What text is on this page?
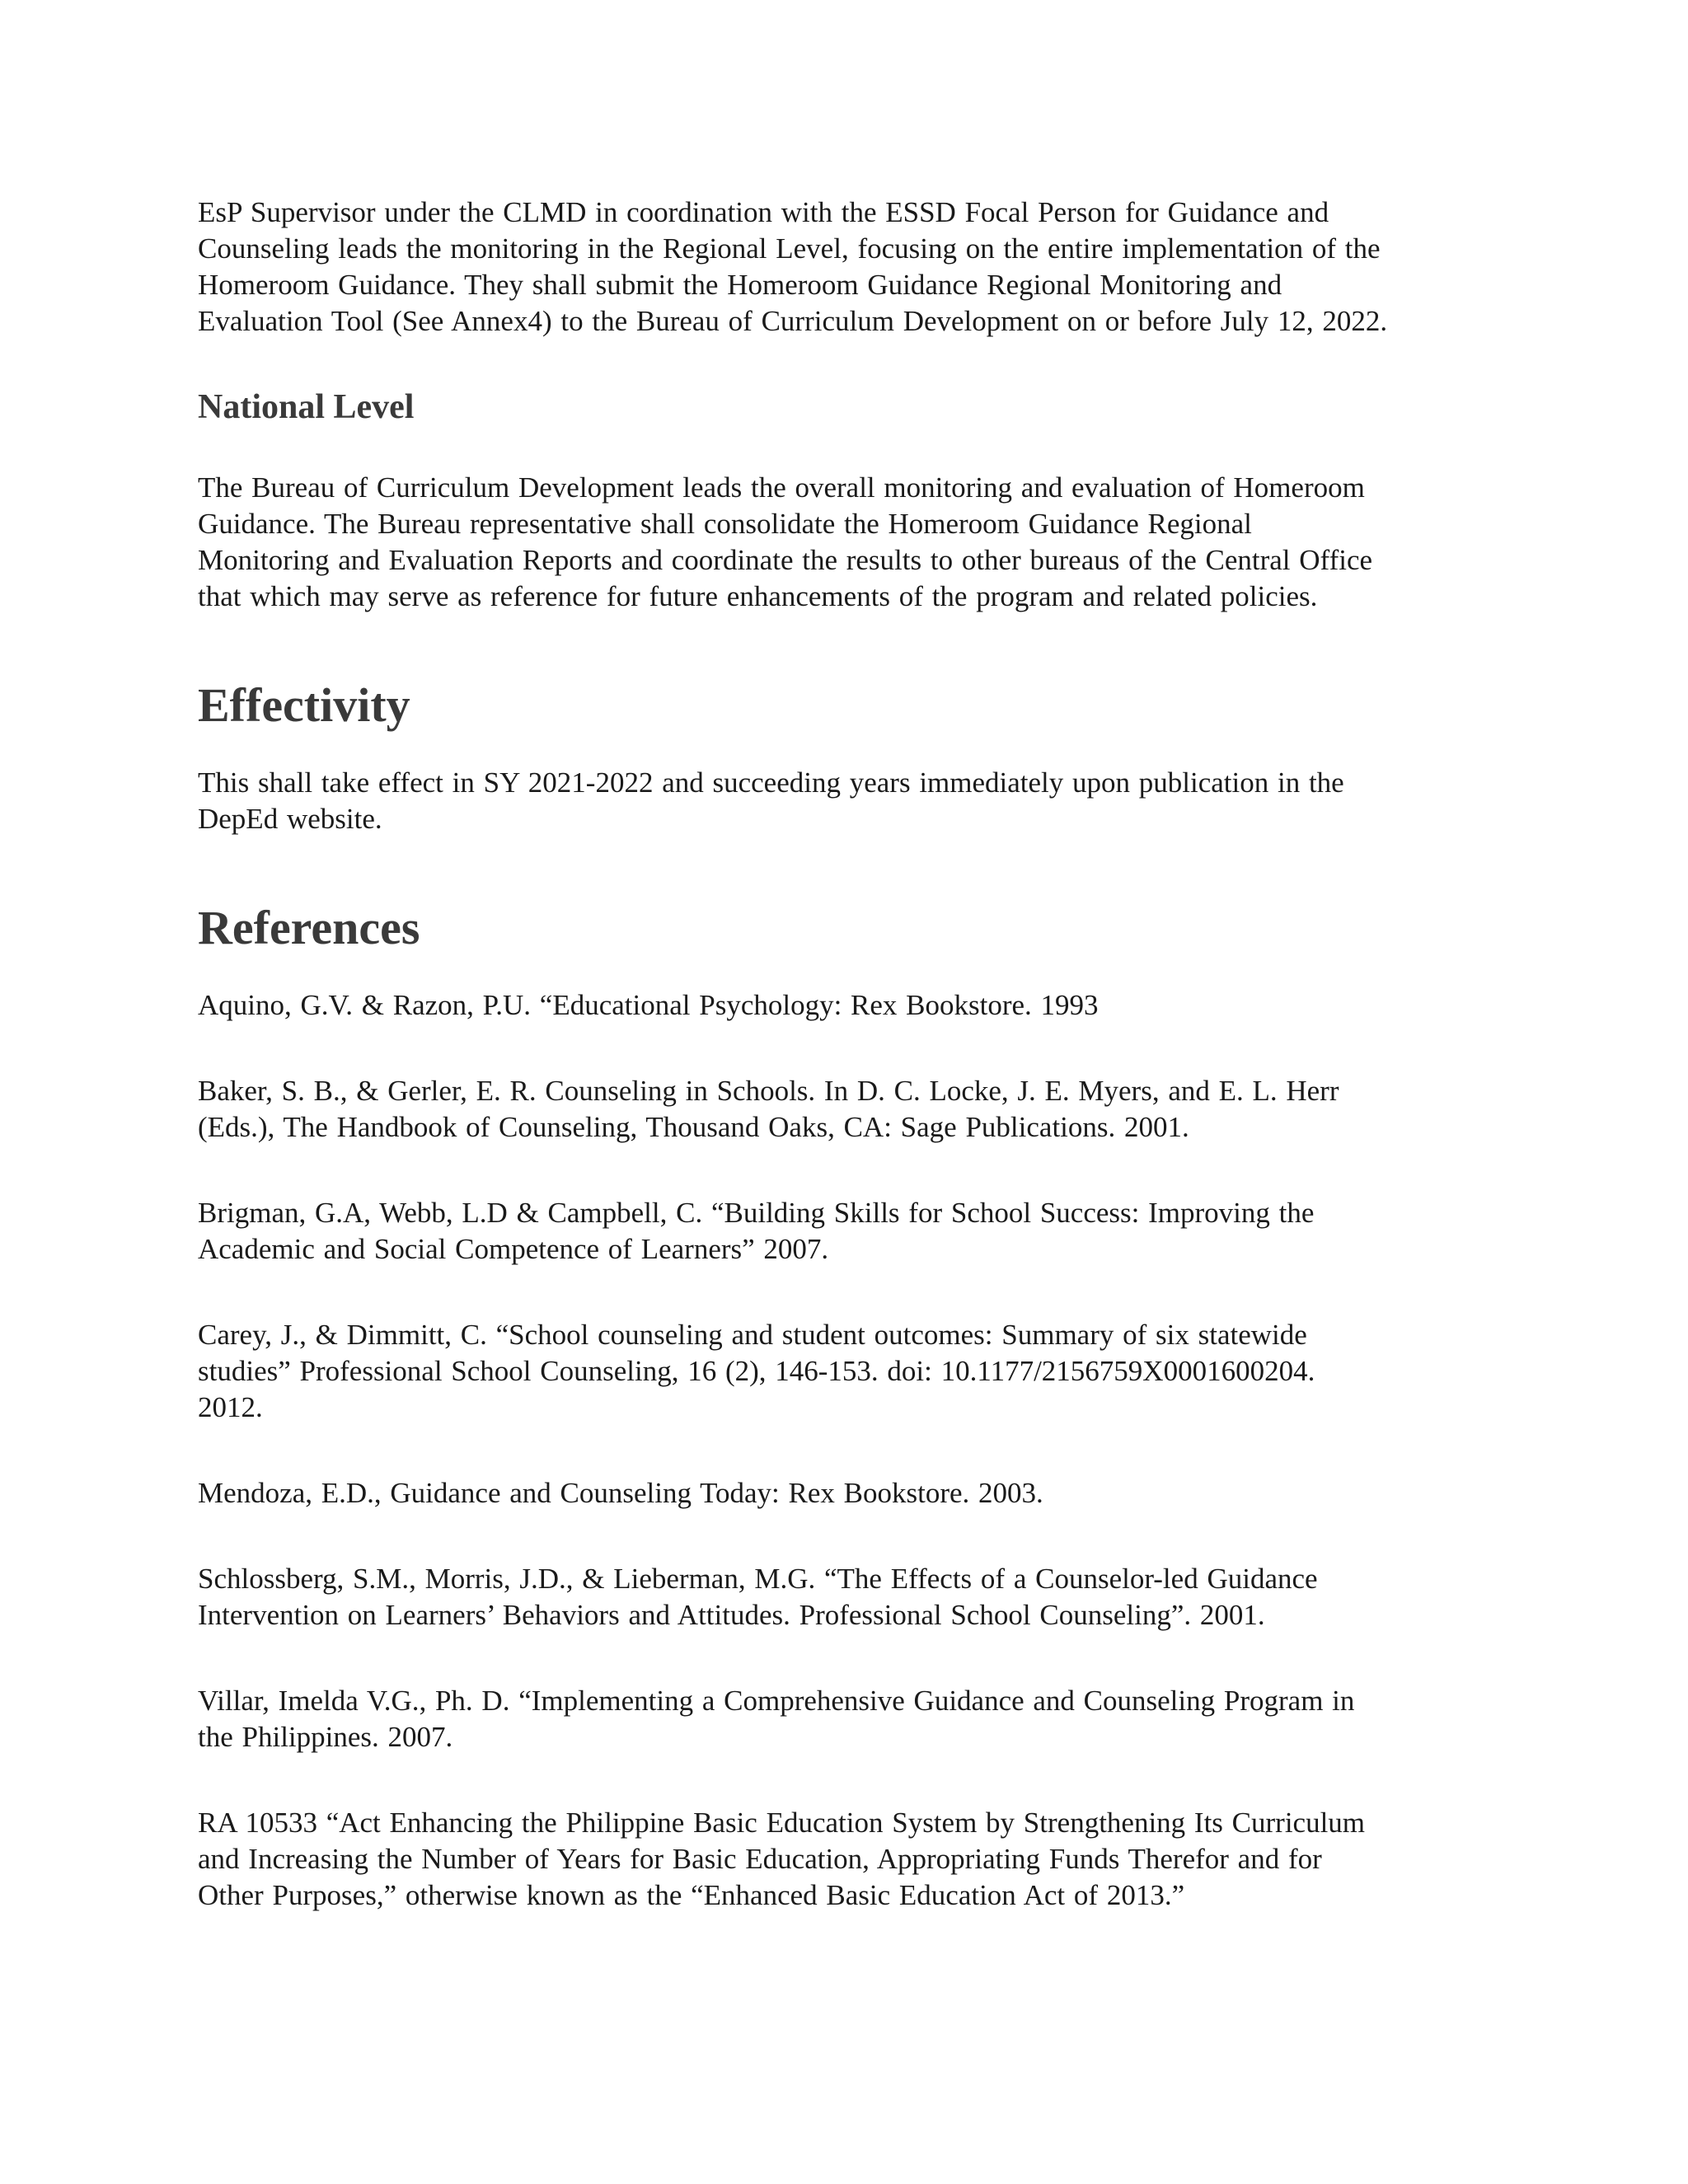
EsP Supervisor under the CLMD in coordination with the ESSD Focal Person for Guidance and
Counseling leads the monitoring in the Regional Level, focusing on the entire implementation of the
Homeroom Guidance. They shall submit the Homeroom Guidance Regional Monitoring and
Evaluation Tool (See Annex4) to the Bureau of Curriculum Development on or before July 12, 2022.

National Level

The Bureau of Curriculum Development leads the overall monitoring and evaluation of Homeroom
Guidance. The Bureau representative shall consolidate the Homeroom Guidance Regional
Monitoring and Evaluation Reports and coordinate the results to other bureaus of the Central Office
that which may serve as reference for future enhancements of the program and related policies.

Effectivity

This shall take effect in SY 2021-2022 and succeeding years immediately upon publication in the
DepEd website.

References

Aquino, G.V. & Razon, P.U. “Educational Psychology: Rex Bookstore. 1993

Baker, S. B., & Gerler, E. R. Counseling in Schools. In D. C. Locke, J. E. Myers, and E. L. Herr
(Eds.), The Handbook of Counseling, Thousand Oaks, CA: Sage Publications. 2001.

Brigman, G.A, Webb, L.D & Campbell, C. “Building Skills for School Success: Improving the
Academic and Social Competence of Learners” 2007.

Carey, J., & Dimmitt, C. “School counseling and student outcomes: Summary of six statewide
studies” Professional School Counseling, 16 (2), 146-153. doi: 10.1177/2156759X0001600204.
2012.

Mendoza, E.D., Guidance and Counseling Today: Rex Bookstore. 2003.

Schlossberg, S.M., Morris, J.D., & Lieberman, M.G. “The Effects of a Counselor-led Guidance
Intervention on Learners’ Behaviors and Attitudes. Professional School Counseling”. 2001.

Villar, Imelda V.G., Ph. D. “Implementing a Comprehensive Guidance and Counseling Program in
the Philippines. 2007.

RA 10533 “Act Enhancing the Philippine Basic Education System by Strengthening Its Curriculum
and Increasing the Number of Years for Basic Education, Appropriating Funds Therefor and for
Other Purposes,” otherwise known as the “Enhanced Basic Education Act of 2013.”
